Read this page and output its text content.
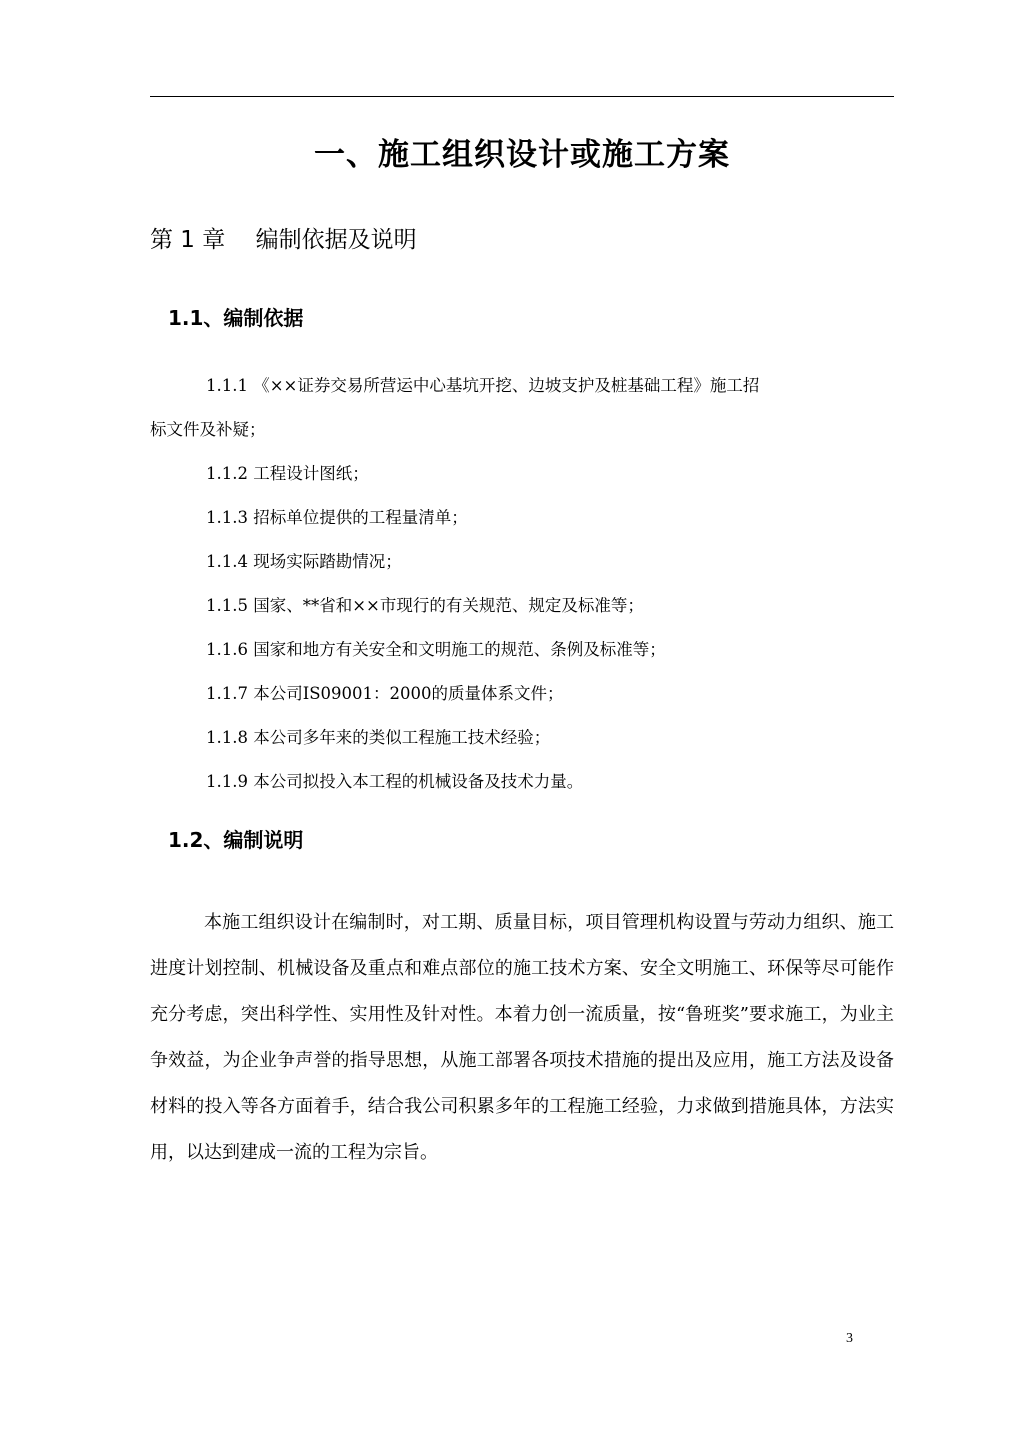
一、施工组织设计或施工方案
第 1 章　 编制依据及说明
1.1、编制依据
1.1.1 《××证券交易所营运中心基坑开挖、边坡支护及桩基础工程》施工招
标文件及补疑；
1.1.2 工程设计图纸；
1.1.3 招标单位提供的工程量清单；
1.1.4 现场实际踏勘情况；
1.1.5 国家、**省和××市现行的有关规范、规定及标准等；
1.1.6 国家和地方有关安全和文明施工的规范、条例及标准等；
1.1.7 本公司IS09001：2000的质量体系文件；
1.1.8 本公司多年来的类似工程施工技术经验；
1.1.9 本公司拟投入本工程的机械设备及技术力量。
1.2、编制说明

本施工组织设计在编制时，对工期、质量目标，项目管理机构设置与劳动力组织、施工进度计划控制、机械设备及重点和难点部位的施工技术方案、安全文明施工、环保等尽可能作充分考虑，突出科学性、实用性及针对性。本着力创一流质量，按“鲁班奖”要求施工，为业主争效益，为企业争声誉的指导思想，从施工部署各项技术措施的提出及应用，施工方法及设备材料的投入等各方面着手，结合我公司积累多年的工程施工经验，力求做到措施具体，方法实用，以达到建成一流的工程为宗旨。

3
